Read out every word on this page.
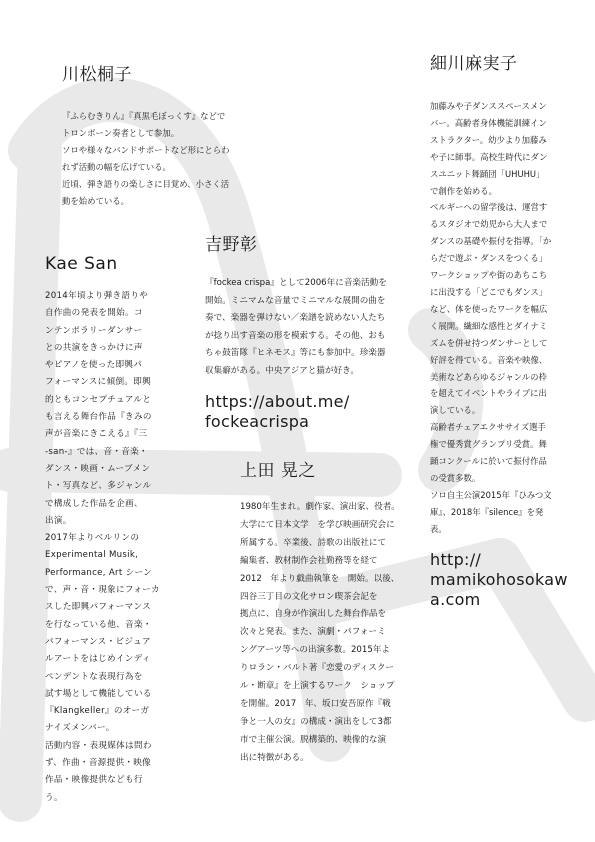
川松桐子

『ふらむきりん』『真黒毛ぼっくす』などで
トロンボーン奏者として参加。
ソロや様々なバンドサポートなど形にとらわ
れず活動の幅を広げている。
近頃、弾き語りの楽しさに目覚め、小さく活
動を始めている。

細川麻実子

加藤みや子ダンススペースメン
バー。高齢者身体機能訓練イン
ストラクター。幼少より加藤み
や子に師事。高校生時代にダン
スユニット舞踊団「UHUHU」
で創作を始める。
ベルギーへの留学後は、運営す
るスタジオで幼児から大人まで
ダンスの基礎や振付を指導。「か
らだで遊ぶ・ダンスをつくる」
ワークショップや街のあちこち
に出没する「どこでもダンス」
など、体を使ったワークを幅広
く展開。繊細な感性とダイナミ
ズムを併せ持つダンサーとして
好評を得ている。音楽や映像、
美術などあらゆるジャンルの枠
を超えてイベントやライブに出
演している。
高齢者チェアエクササイズ選手
権で優秀賞グランプリ受賞。舞
踊コンクールに於いて振付作品
の受賞多数。
ソロ自主公演2015年『ひみつ文
庫』、2018年『silence』を発
表。

http://
mamikohosokaw
a.com
Kae San

2014年頃より弾き語りや
自作曲の発表を開始。コ
ンテンポラリーダンサー
との共演をきっかけに声
やピアノを使った即興パ
フォーマンスに傾倒。即興
的ともコンセプチュアルと
も言える舞台作品『きみの
声が音楽にきこえる』『三
-san-』では、音・音楽・
ダンス・映画・ムーブメン
ト・写真など、多ジャンル
で構成した作品を企画、
出演。
2017年よりベルリンの
Experimental Musik,
Performance, Art シーン
で、声・音・現象にフォーカ
スした即興パフォーマンス
を行なっている他、音楽・
パフォーマンス・ビジュア
ルアートをはじめインディ
ペンデントな表現行為を
試す場として機能している
『Klangkeller』のオーガ
ナイズメンバー。
活動内容・表現媒体は問わ
ず、作曲・音源提供・映像
作品・映像提供なども行
う。

吉野彰

『fockea crispa』として2006年に音楽活動を
開始。ミニマムな音量でミニマルな展開の曲を
奏で、楽器を弾けない／楽譜を読めない人たち
が捻り出す音楽の形を模索する。その他、おも
ちゃ鼓笛隊『ヒネモス』等にも参加中。珍楽器
収集癖がある。中央アジアと猫が好き。

https://about.me/
fockeacrispa
上田 晃之

1980年生まれ。劇作家、演出家、役者。
大学にて日本文学　を学び映画研究会に
所属する。卒業後、詩歌の出版社にて
編集者、教材制作会社勤務等を経て
2012　年より戯曲執筆を　開始。以後、
四谷三丁目の文化サロン喫茶会記を
拠点に、自身が作演出した舞台作品を
次々と発表。また、演劇・パフォーミ
ングアーツ等への出演多数。2015年よ
りロラン・バルト著『恋愛のディスクー
ル・断章』を上演するワーク　ショップ
を開催。2017　年、坂口安吾原作『戦
争と一人の女』の構成・演出をして3都
市で主催公演。脱構築的、映像的な演
出に特徴がある。
